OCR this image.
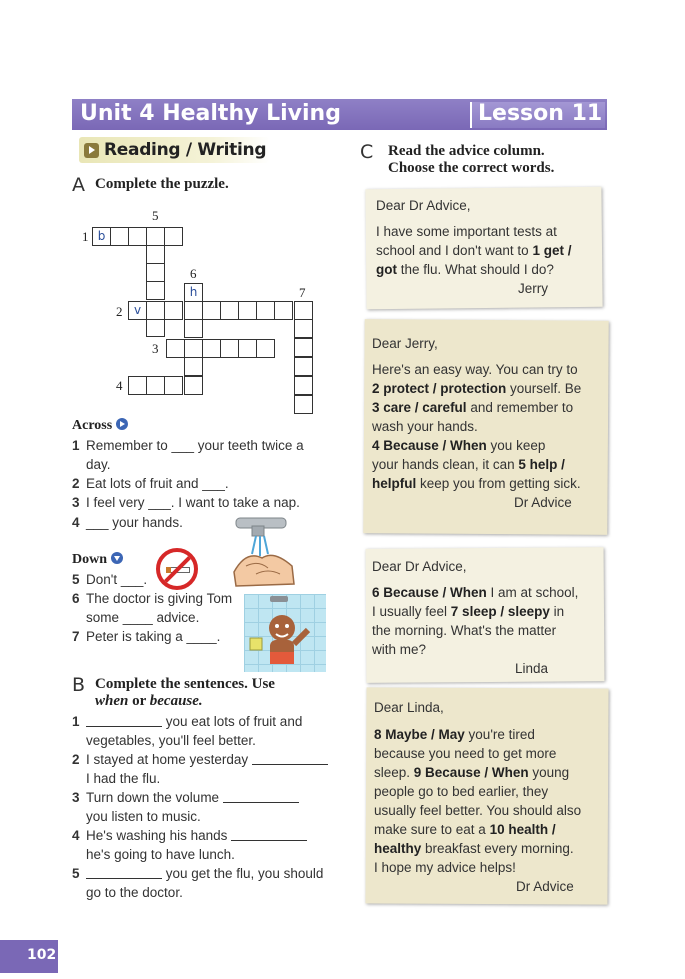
Unit 4 Healthy Living	Lesson 11
Reading / Writing
A Complete the puzzle.
5
1
6
7
2
3
4
b
h
v
Across
1 Remember to ___ your teeth twice a
day.
2 Eat lots of fruit and ___.
3 I feel very ___. I want to take a nap.
4 ___ your hands.
Down
5 Don't ___.
6 The doctor is giving Tom
some ____ advice.
7 Peter is taking a ____.
B Complete the sentences. Use
when or because.
1	you eat lots of fruit and
vegetables, you'll feel better.
2 I stayed at home yesterday
I had the flu.
3 Turn down the volume
you listen to music.
4 He's washing his hands
he's going to have lunch.
5	you get the flu, you should
go to the doctor.
C Read the advice column.
Choose the correct words.
Dear Dr Advice,
I have some important tests at
school and I don't want to 1 get /
got the flu. What should I do?
Jerry
Dear Jerry,
Here's an easy way. You can try to
2 protect / protection yourself. Be
3 care / careful and remember to
wash your hands.
4 Because / When you keep
your hands clean, it can 5 help /
helpful keep you from getting sick.
Dr Advice
Dear Dr Advice,
6 Because / When I am at school,
I usually feel 7 sleep / sleepy in
the morning. What's the matter
with me?
Linda
Dear Linda,
8 Maybe / May you're tired
because you need to get more
sleep. 9 Because / When young
people go to bed earlier, they
usually feel better. You should also
make sure to eat a 10 health /
healthy breakfast every morning.
I hope my advice helps!
Dr Advice
102
